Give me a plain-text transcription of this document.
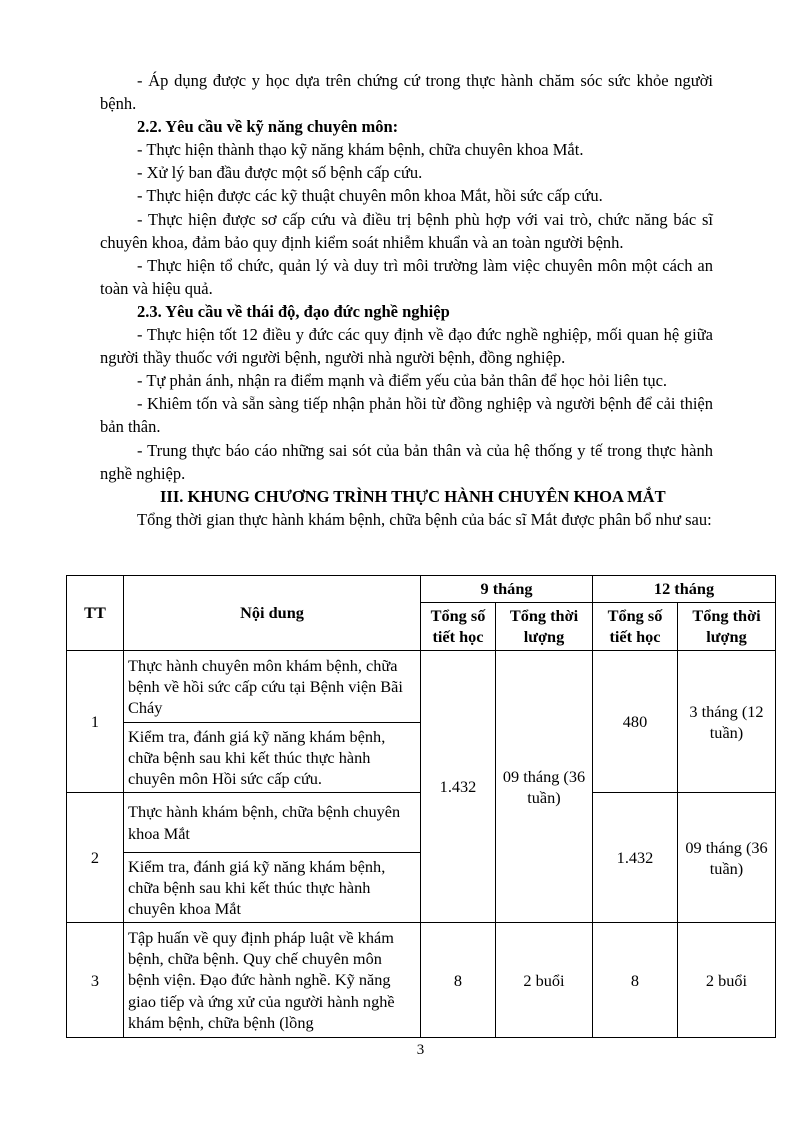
- Áp dụng được y học dựa trên chứng cứ trong thực hành chăm sóc sức khỏe người bệnh.

2.2. Yêu cầu về kỹ năng chuyên môn:

- Thực hiện thành thạo kỹ năng khám bệnh, chữa chuyên khoa Mắt.

- Xử lý ban đầu được một số bệnh cấp cứu.

- Thực hiện được các kỹ thuật chuyên môn khoa Mắt, hồi sức cấp cứu.

- Thực hiện được sơ cấp cứu và điều trị bệnh phù hợp với vai trò, chức năng bác sĩ chuyên khoa, đảm bảo quy định kiểm soát nhiễm khuẩn và an toàn người bệnh.

- Thực hiện tổ chức, quản lý và duy trì môi trường làm việc chuyên môn một cách an toàn và hiệu quả.

2.3. Yêu cầu về thái độ, đạo đức nghề nghiệp

- Thực hiện tốt 12 điều y đức các quy định về đạo đức nghề nghiệp, mối quan hệ giữa người thầy thuốc với người bệnh, người nhà người bệnh, đồng nghiệp.

- Tự phản ánh, nhận ra điểm mạnh và điểm yếu của bản thân để học hỏi liên tục.

- Khiêm tốn và sẵn sàng tiếp nhận phản hồi từ đồng nghiệp và người bệnh để cải thiện bản thân.

- Trung thực báo cáo những sai sót của bản thân và của hệ thống y tế trong thực hành nghề nghiệp.

III. KHUNG CHƯƠNG TRÌNH THỰC HÀNH CHUYÊN KHOA MẮT

Tổng thời gian thực hành khám bệnh, chữa bệnh của bác sĩ Mắt được phân bổ như sau:

TT	Nội dung	9 tháng		12 tháng	
		Tổng số tiết học	Tổng thời lượng	Tổng số tiết học	Tổng thời lượng
1	Thực hành chuyên môn khám bệnh, chữa bệnh về hồi sức cấp cứu tại Bệnh viện Bãi Cháy	1.432	09 tháng (36 tuần)	480	3 tháng (12 tuần)
	Kiểm tra, đánh giá kỹ năng khám bệnh, chữa bệnh sau khi kết thúc thực hành chuyên môn Hồi sức cấp cứu.				
2	Thực hành khám bệnh, chữa bệnh chuyên khoa Mắt			1.432	09 tháng (36 tuần)
	Kiểm tra, đánh giá kỹ năng khám bệnh, chữa bệnh sau khi kết thúc thực hành chuyên khoa Mắt				
3	Tập huấn về quy định pháp luật về khám bệnh, chữa bệnh. Quy chế chuyên môn bệnh viện. Đạo đức hành nghề. Kỹ năng giao tiếp và ứng xử của người hành nghề khám bệnh, chữa bệnh (lồng	8	2 buổi	8	2 buổi
3
